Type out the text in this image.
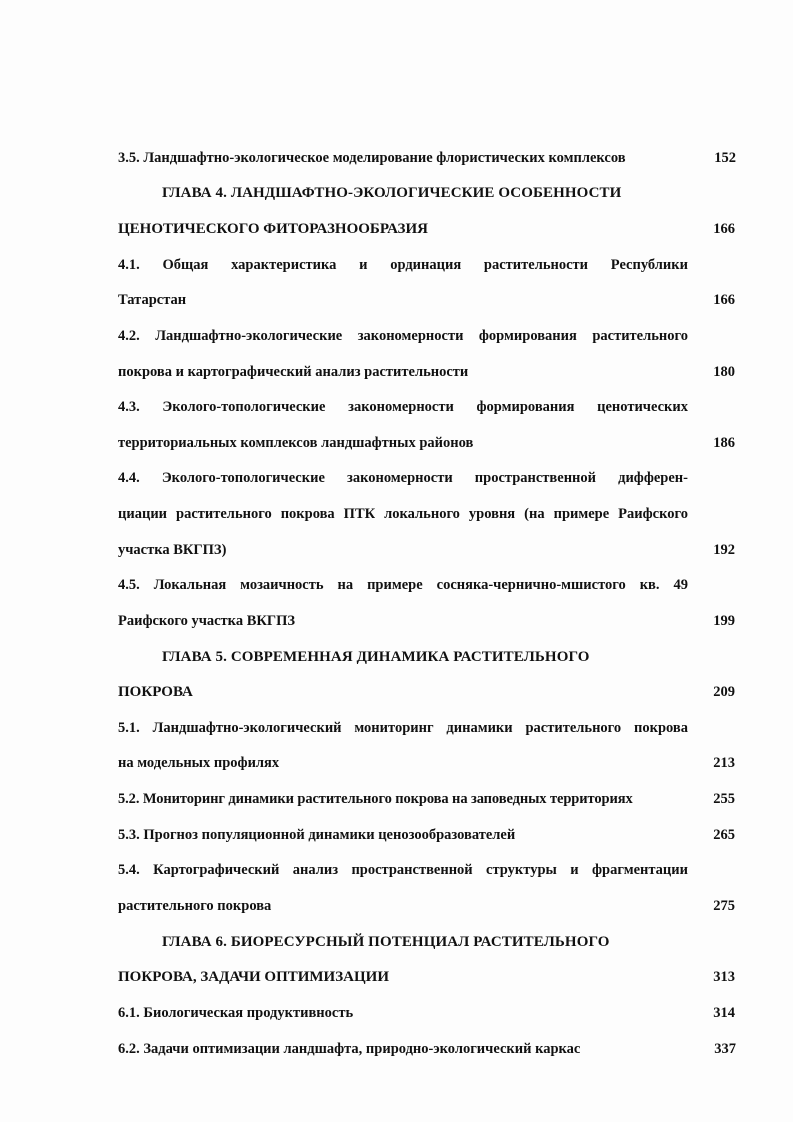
3.5. Ландшафтно-экологическое моделирование флористических комплексов	152
ГЛАВА 4. ЛАНДШАФТНО-ЭКОЛОГИЧЕСКИЕ ОСОБЕННОСТИ
ЦЕНОТИЧЕСКОГО ФИТОРАЗНООБРАЗИЯ	166
4.1. Общая характеристика и ординация растительности Республики
Татарстан	166
4.2. Ландшафтно-экологические закономерности формирования растительного
покрова и картографический анализ растительности	180
4.3. Эколого-топологические закономерности формирования ценотических
территориальных комплексов ландшафтных районов	186
4.4. Эколого-топологические закономерности пространственной дифферен-
циации растительного покрова ПТК локального уровня (на примере Раифского
участка ВКГПЗ)	192
4.5. Локальная мозаичность на примере сосняка-чернично-мшистого кв. 49
Раифского участка ВКГПЗ	199
ГЛАВА 5. СОВРЕМЕННАЯ ДИНАМИКА РАСТИТЕЛЬНОГО
ПОКРОВА	209
5.1. Ландшафтно-экологический мониторинг динамики растительного покрова
на модельных профилях	213
5.2. Мониторинг динамики растительного покрова на заповедных территориях	255
5.3. Прогноз популяционной динамики ценозообразователей	265
5.4. Картографический анализ пространственной структуры и фрагментации
растительного покрова	275
ГЛАВА 6. БИОРЕСУРСНЫЙ ПОТЕНЦИАЛ РАСТИТЕЛЬНОГО
ПОКРОВА, ЗАДАЧИ ОПТИМИЗАЦИИ	313
6.1. Биологическая продуктивность	314
6.2. Задачи оптимизации ландшафта, природно-экологический каркас	337
